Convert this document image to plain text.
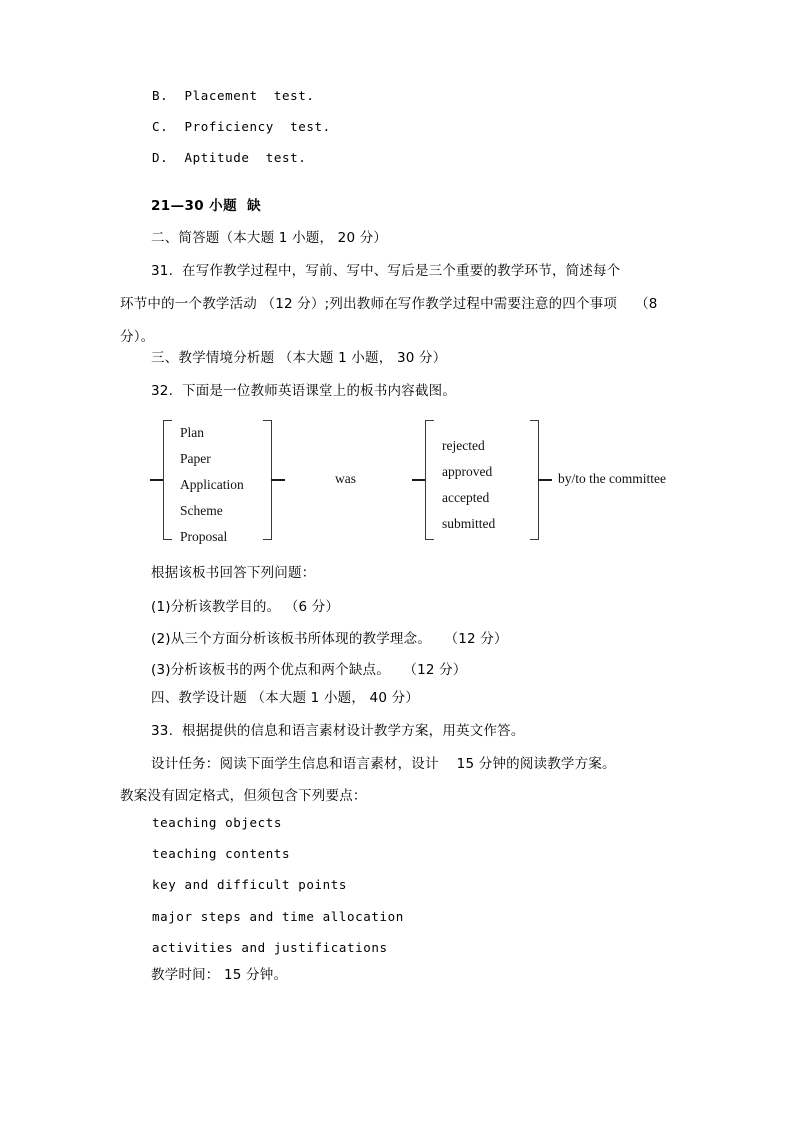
B.  Placement  test.
C.  Proficiency  test.
D.  Aptitude  test.
21—30 小题  缺
二、简答题（本大题 1 小题， 20 分）
31.  在写作教学过程中，写前、写中、写后是三个重要的教学环节，简述每个
环节中的一个教学活动 （12 分）;列出教师在写作教学过程中需要注意的四个事项    （8
分）。
三、教学情境分析题 （本大题 1 小题， 30 分）
32.  下面是一位教师英语课堂上的板书内容截图。
Plan
Paper
Application
Scheme
Proposal
was
rejected
approved
accepted
submitted
by/to the committee
根据该板书回答下列问题：
(1)分析该教学目的。 （6 分）
(2)从三个方面分析该板书所体现的教学理念。   （12 分）
(3)分析该板书的两个优点和两个缺点。   （12 分）
四、教学设计题 （本大题 1 小题， 40 分）
33.  根据提供的信息和语言素材设计教学方案，用英文作答。
设计任务：阅读下面学生信息和语言素材，设计    15 分钟的阅读教学方案。
教案没有固定格式，但须包含下列要点：
teaching objects
teaching contents
key and difficult points
major steps and time allocation
activities and justifications
教学时间： 15 分钟。
